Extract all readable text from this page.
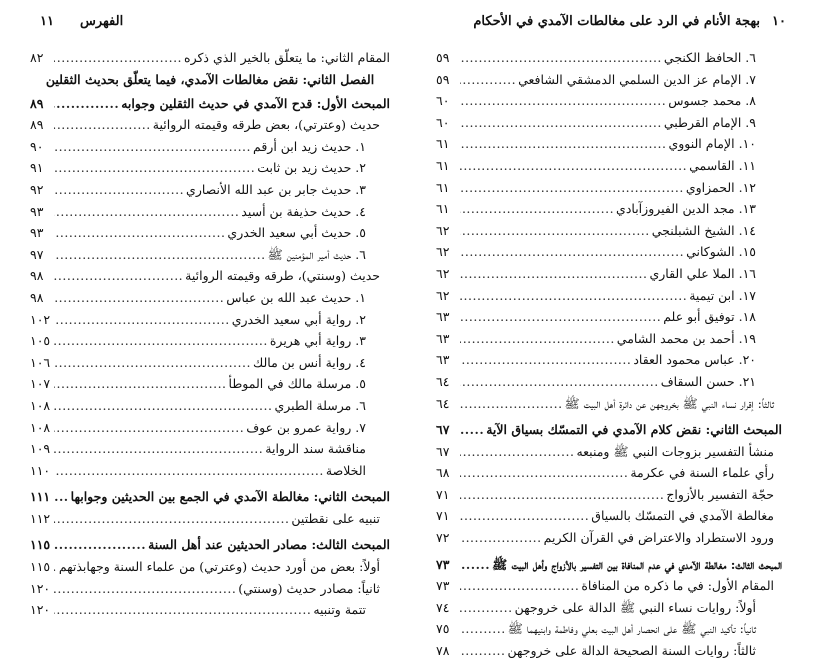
١١ الفهرس
المقام الثاني: ما يتعلّق بالخير الذي ذكره
.....
٨٢
الفصل الثاني: نقض مغالطات الآمدي، فيما يتعلّق بحديث الثقلين
المبحث الأول: قدح الآمدي في حديث الثقلين وجوابه
.....
٨٩
حديث (وعترتي)، بعض طرقه وقيمته الروائية
.....
٨٩
١. حديث زيد ابن أرقم
.....
٩٠
٢. حديث زيد بن ثابت
.....
٩١
٣. حديث جابر بن عبد الله الأنصاري
.....
٩٢
٤. حديث حذيفة بن أسيد
.....
٩٣
٥. حديث أبي سعيد الخدري
.....
٩٣
٦. حديث أمير المؤمنين ﷺ
.....
٩٧
حديث (وسنتي)، طرقه وقيمته الروائية
.....
٩٨
١. حديث عبد الله بن عباس
.....
٩٨
٢. رواية أبي سعيد الخدري
.....
١٠٢
٣. رواية أبي هريرة
.....
١٠٥
٤. رواية أنس بن مالك
.....
١٠٦
٥. مرسلة مالك في الموطأ
.....
١٠٧
٦. مرسلة الطبري
.....
١٠٨
٧. رواية عمرو بن عوف
.....
١٠٨
مناقشة سند الرواية
.....
١٠٩
الخلاصة
.....
١١٠
المبحث الثاني: مغالطة الآمدي في الجمع بين الحديثين وجوابها
.....
١١١
تنبيه على نقطتين
.....
١١٢
المبحث الثالث: مصادر الحديثين عند أهل السنة
.....
١١٥
أولاً: بعض من أورد حديث (وعترتي) من علماء السنة وجهابذتهم
.....
١١٥
ثانياً: مصادر حديث (وسنتي)
.....
١٢٠
تتمة وتنبيه
.....
١٢٠
١٠
بهجة الأنام في الرد على مغالطات الآمدي في الأحكام
٦. الحافظ الكنجي
.....
٥٩
٧. الإمام عز الدين السلمي الدمشقي الشافعي
.....
٥٩
٨. محمد جسوس
.....
٦٠
٩. الإمام القرطبي
.....
٦٠
١٠. الإمام النووي
.....
٦١
١١. القاسمي
.....
٦١
١٢. الحمزاوي
.....
٦١
١٣. مجد الدين الفيروزآبادي
.....
٦١
١٤. الشيخ الشبلنجي
.....
٦٢
١٥. الشوكاني
.....
٦٢
١٦. الملا علي القاري
.....
٦٢
١٧. ابن تيمية
.....
٦٢
١٨. توفيق أبو علم
.....
٦٣
١٩. أحمد بن محمد الشامي
.....
٦٣
٢٠. عباس محمود العقاد
.....
٦٣
٢١. حسن السقاف
.....
٦٤
ثالثاً: إقرار نساء النبي ﷺ بخروجهن عن دائرة أهل البيت ﷺ
.....
٦٤
المبحث الثاني: نقض كلام الآمدي في التمسّك بسياق الآية
.....
٦٧
منشأ التفسير بزوجات النبي ﷺ ومنبعه
.....
٦٧
رأي علماء السنة في عكرمة
.....
٦٨
حجّة التفسير بالأزواج
.....
٧١
مغالطة الآمدي في التمسّك بالسياق
.....
٧١
ورود الاستطراد والاعتراض في القرآن الكريم
.....
٧٢
المبحث الثالث: مغالطة الآمدي في عدم المنافاة بين التفسير بالأزواج وأهل البيت ﷺ
.....
٧٣
المقام الأول: في ما ذكره من المنافاة
.....
٧٣
أولاً: روايات نساء النبي ﷺ الدالة على خروجهن
.....
٧٤
ثانياً: تأكيد النبي ﷺ على انحصار أهل البيت بعلي وفاطمة وابنيهما ﷺ
.....
٧٥
ثالثاً: روايات السنة الصحيحة الدالة على خروجهن
.....
٧٨
